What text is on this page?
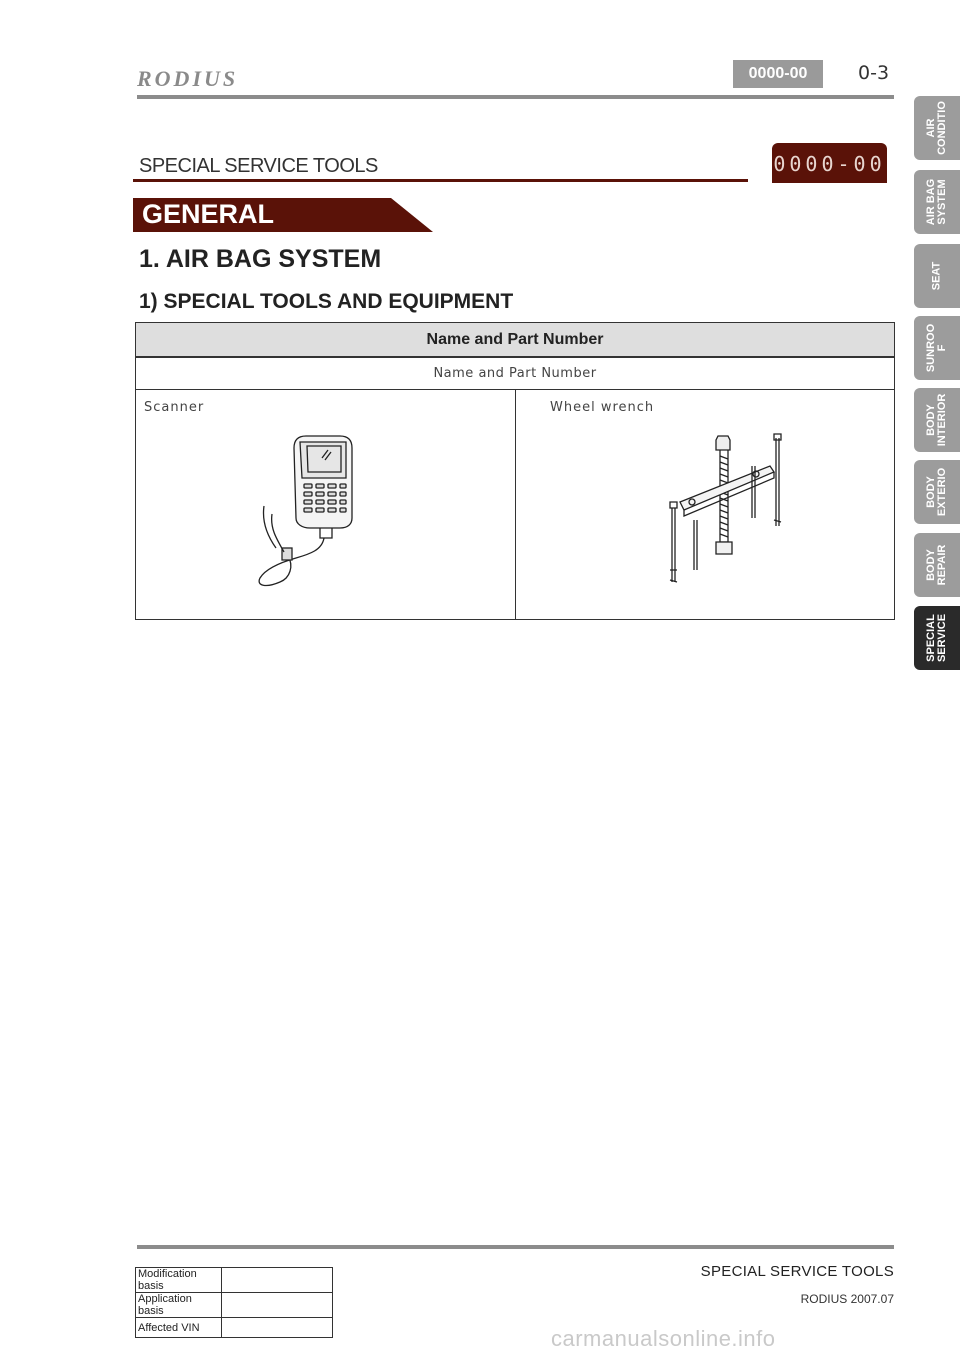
RODIUS	0000-00	0-3
SPECIAL SERVICE TOOLS	0000-00
GENERAL
1. AIR BAG SYSTEM
1) SPECIAL TOOLS AND EQUIPMENT
Name and Part Number
Name and Part Number
Scanner	Wheel wrench
AIR
CONDITIO
AIR BAG
SYSTEM
SEAT
SUNROO
F
BODY
INTERIOR
BODY
EXTERIO
BODY
REPAIR
SPECIAL
SERVICE
Modification basis	
Application basis	
Affected VIN	
SPECIAL SERVICE TOOLS
RODIUS 2007.07
carmanualsonline.info
